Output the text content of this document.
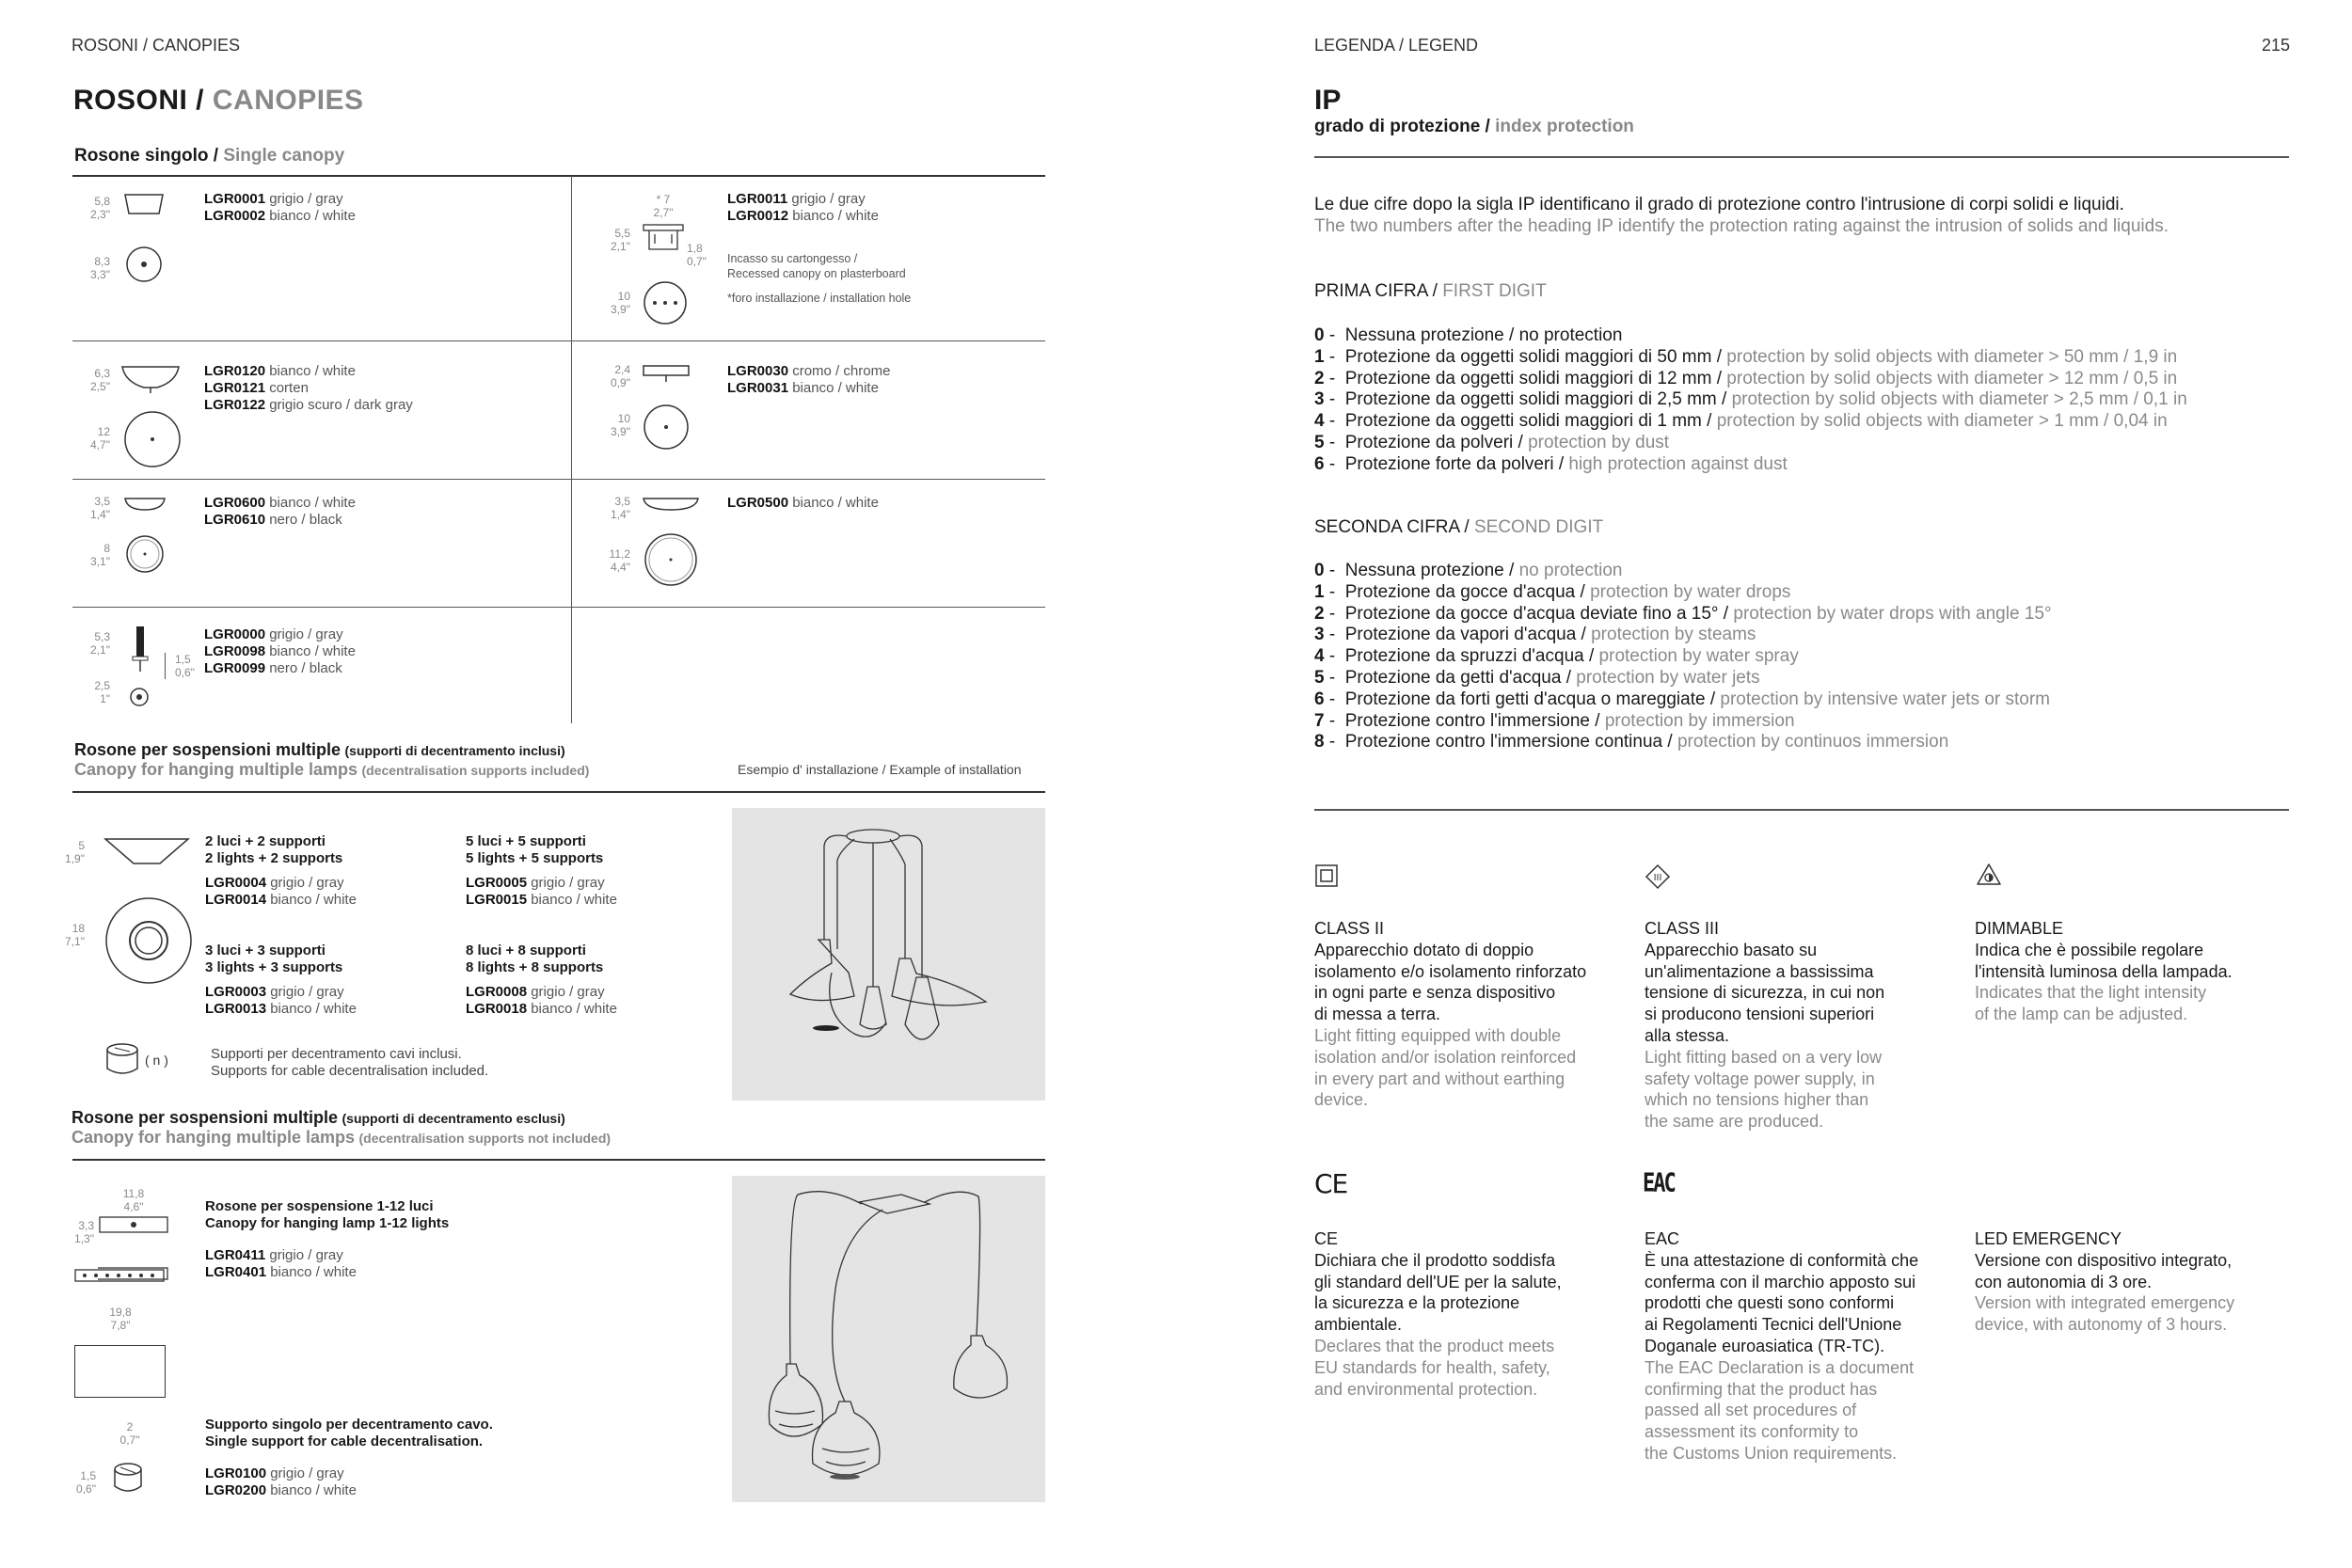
ROSONI / CANOPIES
ROSONI / CANOPIES
Rosone singolo / Single canopy
5,8
2,3"
8,3
3,3"
LGR0001 grigio / gray
LGR0002 bianco / white
* 7
2,7"
5,5
2,1"	1,8
0,7"
10
3,9"
LGR0011 grigio / gray
LGR0012 bianco / white
Incasso su cartongesso /
Recessed canopy on plasterboard
*foro installazione / installation hole
6,3
2,5"
12
4,7"
LGR0120 bianco / white
LGR0121 corten
LGR0122 grigio scuro / dark gray
2,4
0,9"
10
3,9"
LGR0030 cromo / chrome
LGR0031 bianco / white
3,5
1,4"
8
3,1"
LGR0600 bianco / white
LGR0610 nero / black
3,5
1,4"
11,2
4,4"
LGR0500 bianco / white
5,3
2,1"
1,5
0,6"
2,5
1"
LGR0000 grigio / gray
LGR0098 bianco / white
LGR0099 nero / black
Rosone per sospensioni multiple (supporti di decentramento inclusi)
Canopy for hanging multiple lamps (decentralisation supports included)	Esempio d' installazione / Example of installation
5
1,9"
18
7,1"
2 luci + 2 supporti
2 lights + 2 supports
LGR0004 grigio / gray
LGR0014 bianco / white
5 luci + 5 supporti
5 lights + 5 supports
LGR0005 grigio / gray
LGR0015 bianco / white
3 luci + 3 supporti
3 lights + 3 supports
LGR0003 grigio / gray
LGR0013 bianco / white
8 luci + 8 supporti
8 lights + 8 supports
LGR0008 grigio / gray
LGR0018 bianco / white
( n )	Supporti per decentramento cavi inclusi.
Supports for cable decentralisation included.
Rosone per sospensioni multiple (supporti di decentramento esclusi)
Canopy for hanging multiple lamps (decentralisation supports not included)
11,8
4,6"
3,3
1,3"
19,8
7,8"
Rosone per sospensione 1-12 luci
Canopy for hanging lamp 1-12 lights
LGR0411 grigio / gray
LGR0401 bianco / white
2
0,7"
1,5
0,6"
Supporto singolo per decentramento cavo.
Single support for cable decentralisation.
LGR0100 grigio / gray
LGR0200 bianco / white
LEGENDA / LEGEND	215
IP
grado di protezione / index protection
Le due cifre dopo la sigla IP identificano il grado di protezione contro l'intrusione di corpi solidi e liquidi.
The two numbers after the heading IP identify the protection rating against the intrusion of solids and liquids.
PRIMA CIFRA / FIRST DIGIT
0 -  Nessuna protezione / no protection
1 -  Protezione da oggetti solidi maggiori di 50 mm / protection by solid objects with diameter > 50 mm / 1,9 in
2 -  Protezione da oggetti solidi maggiori di 12 mm / protection by solid objects with diameter > 12 mm / 0,5 in
3 -  Protezione da oggetti solidi maggiori di 2,5 mm / protection by solid objects with diameter > 2,5 mm / 0,1 in
4 -  Protezione da oggetti solidi maggiori di 1 mm / protection by solid objects with diameter > 1 mm / 0,04 in
5 -  Protezione da polveri / protection by dust
6 -  Protezione forte da polveri / high protection against dust
SECONDA CIFRA / SECOND DIGIT
0 -  Nessuna protezione / no protection
1 -  Protezione da gocce d'acqua / protection by water drops
2 -  Protezione da gocce d'acqua deviate fino a 15° / protection by water drops with angle 15°
3 -  Protezione da vapori d'acqua / protection by steams
4 -  Protezione da spruzzi d'acqua / protection by water spray
5 -  Protezione da getti d'acqua / protection by water jets
6 -  Protezione da forti getti d'acqua o mareggiate / protection by intensive water jets or storm
7 -  Protezione contro l'immersione / protection by immersion
8 -  Protezione contro l'immersione continua / protection by continuos immersion
III
CE	EAC
CLASS II
Apparecchio dotato di doppio
isolamento e/o isolamento rinforzato
in ogni parte e senza dispositivo
di messa a terra.
Light fitting equipped with double
isolation and/or isolation reinforced
in every part and without earthing
device.
CLASS III
Apparecchio basato su
un'alimentazione a bassissima
tensione di sicurezza, in cui non
si producono tensioni superiori
alla stessa.
Light fitting based on a very low
safety voltage power supply, in
which no tensions higher than
the same are produced.
DIMMABLE
Indica che è possibile regolare
l'intensità luminosa della lampada.
Indicates that the light intensity
of the lamp can be adjusted.
CE
Dichiara che il prodotto soddisfa
gli standard dell'UE per la salute,
la sicurezza e la protezione
ambientale.
Declares that the product meets
EU standards for health, safety,
and environmental protection.
EAC
È una attestazione di conformità che
conferma con il marchio apposto sui
prodotti che questi sono conformi
ai Regolamenti Tecnici dell'Unione
Doganale euroasiatica (TR-TC).
The EAC Declaration is a document
confirming that the product has
passed all set procedures of
assessment its conformity to
the Customs Union requirements.
LED EMERGENCY
Versione con dispositivo integrato,
con autonomia di 3 ore.
Version with integrated emergency
device, with autonomy of 3 hours.
